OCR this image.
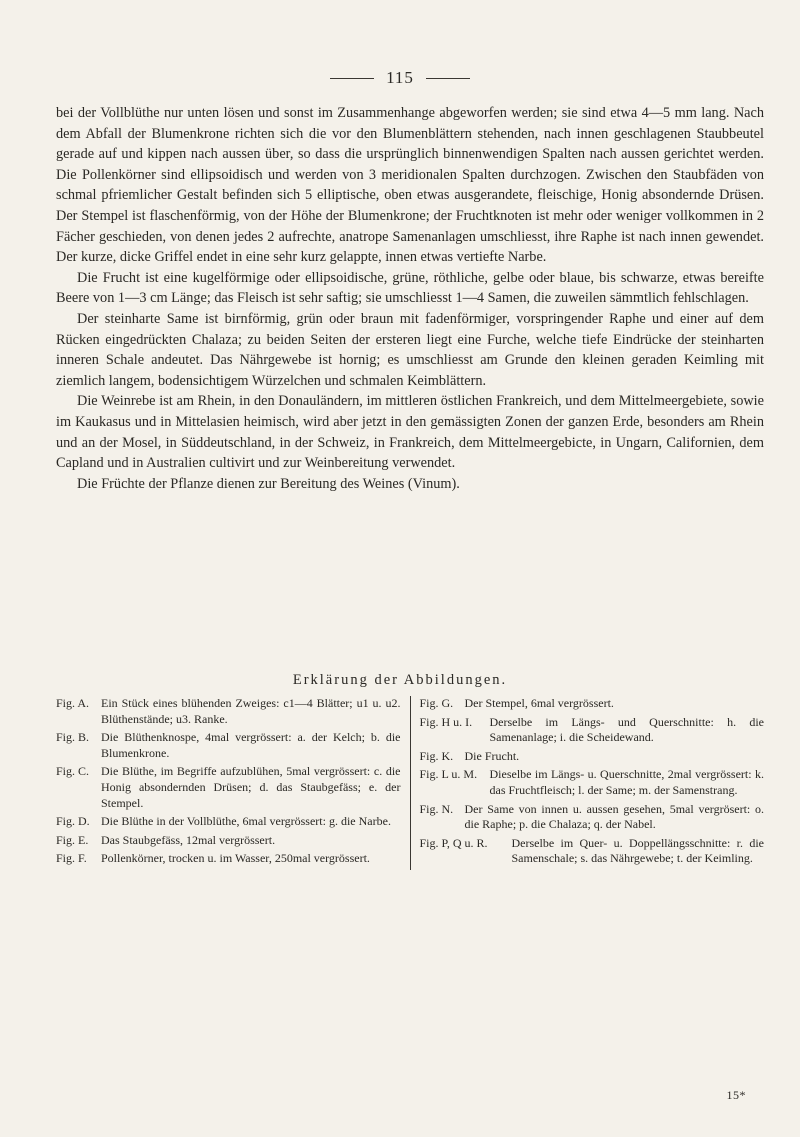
115

bei der Vollblüthe nur unten lösen und sonst im Zusammenhange abgeworfen werden; sie sind etwa 4—5 mm lang. Nach dem Abfall der Blumenkrone richten sich die vor den Blumenblättern stehenden, nach innen geschlagenen Staubbeutel gerade auf und kippen nach aussen über, so dass die ursprünglich binnenwendigen Spalten nach aussen gerichtet werden. Die Pollenkörner sind ellipsoidisch und werden von 3 meridionalen Spalten durchzogen. Zwischen den Staubfäden von schmal pfriemlicher Gestalt befinden sich 5 elliptische, oben etwas ausgerandete, fleischige, Honig absondernde Drüsen. Der Stempel ist flaschenförmig, von der Höhe der Blumenkrone; der Fruchtknoten ist mehr oder weniger vollkommen in 2 Fächer geschieden, von denen jedes 2 aufrechte, anatrope Samenanlagen umschliesst, ihre Raphe ist nach innen gewendet. Der kurze, dicke Griffel endet in eine sehr kurz gelappte, innen etwas vertiefte Narbe.

Die Frucht ist eine kugelförmige oder ellipsoidische, grüne, röthliche, gelbe oder blaue, bis schwarze, etwas bereifte Beere von 1—3 cm Länge; das Fleisch ist sehr saftig; sie umschliesst 1—4 Samen, die zuweilen sämmtlich fehlschlagen.

Der steinharte Same ist birnförmig, grün oder braun mit fadenförmiger, vorspringender Raphe und einer auf dem Rücken eingedrückten Chalaza; zu beiden Seiten der ersteren liegt eine Furche, welche tiefe Eindrücke der steinharten inneren Schale andeutet. Das Nährgewebe ist hornig; es umschliesst am Grunde den kleinen geraden Keimling mit ziemlich langem, bodensichtigem Würzelchen und schmalen Keimblättern.

Die Weinrebe ist am Rhein, in den Donauländern, im mittleren östlichen Frankreich, und dem Mittelmeergebiete, sowie im Kaukasus und in Mittelasien heimisch, wird aber jetzt in den gemässigten Zonen der ganzen Erde, besonders am Rhein und an der Mosel, in Süddeutschland, in der Schweiz, in Frankreich, dem Mittelmeergebicte, in Ungarn, Californien, dem Capland und in Australien cultivirt und zur Weinbereitung verwendet.

Die Früchte der Pflanze dienen zur Bereitung des Weines (Vinum).

Erklärung der Abbildungen.
Fig. A. Ein Stück eines blühenden Zweiges: c1—4 Blätter; u1 u. u2. Blüthenstände; u3. Ranke.
Fig. B. Die Blüthenknospe, 4mal vergrössert: a. der Kelch; b. die Blumenkrone.
Fig. C. Die Blüthe, im Begriffe aufzublühen, 5mal vergrössert: c. die Honig absondernden Drüsen; d. das Staubgefäss; e. der Stempel.
Fig. D. Die Blüthe in der Vollblüthe, 6mal vergrössert: g. die Narbe.
Fig. E.	Das Staubgefäss, 12mal vergrössert.
Fig. F.	Pollenkörner, trocken u. im Wasser, 250mal vergrössert.
Fig. G. Der Stempel, 6mal vergrössert.
Fig. H u. I.	Derselbe im Längs- und Querschnitte: h. die Samenanlage; i. die Scheidewand.
Fig. K. Die Frucht.
Fig. L u. M.	Dieselbe im Längs- u. Querschnitte, 2mal vergrössert: k. das Fruchtfleisch; l. der Same; m. der Samenstrang.
Fig. N. Der Same von innen u. aussen gesehen, 5mal vergrösert: o. die Raphe; p. die Chalaza; q. der Nabel.
Fig. P, Q u. R.	Derselbe im Quer- u. Doppellängsschnitte: r. die Samenschale; s. das Nährgewebe; t. der Keimling.
15*
